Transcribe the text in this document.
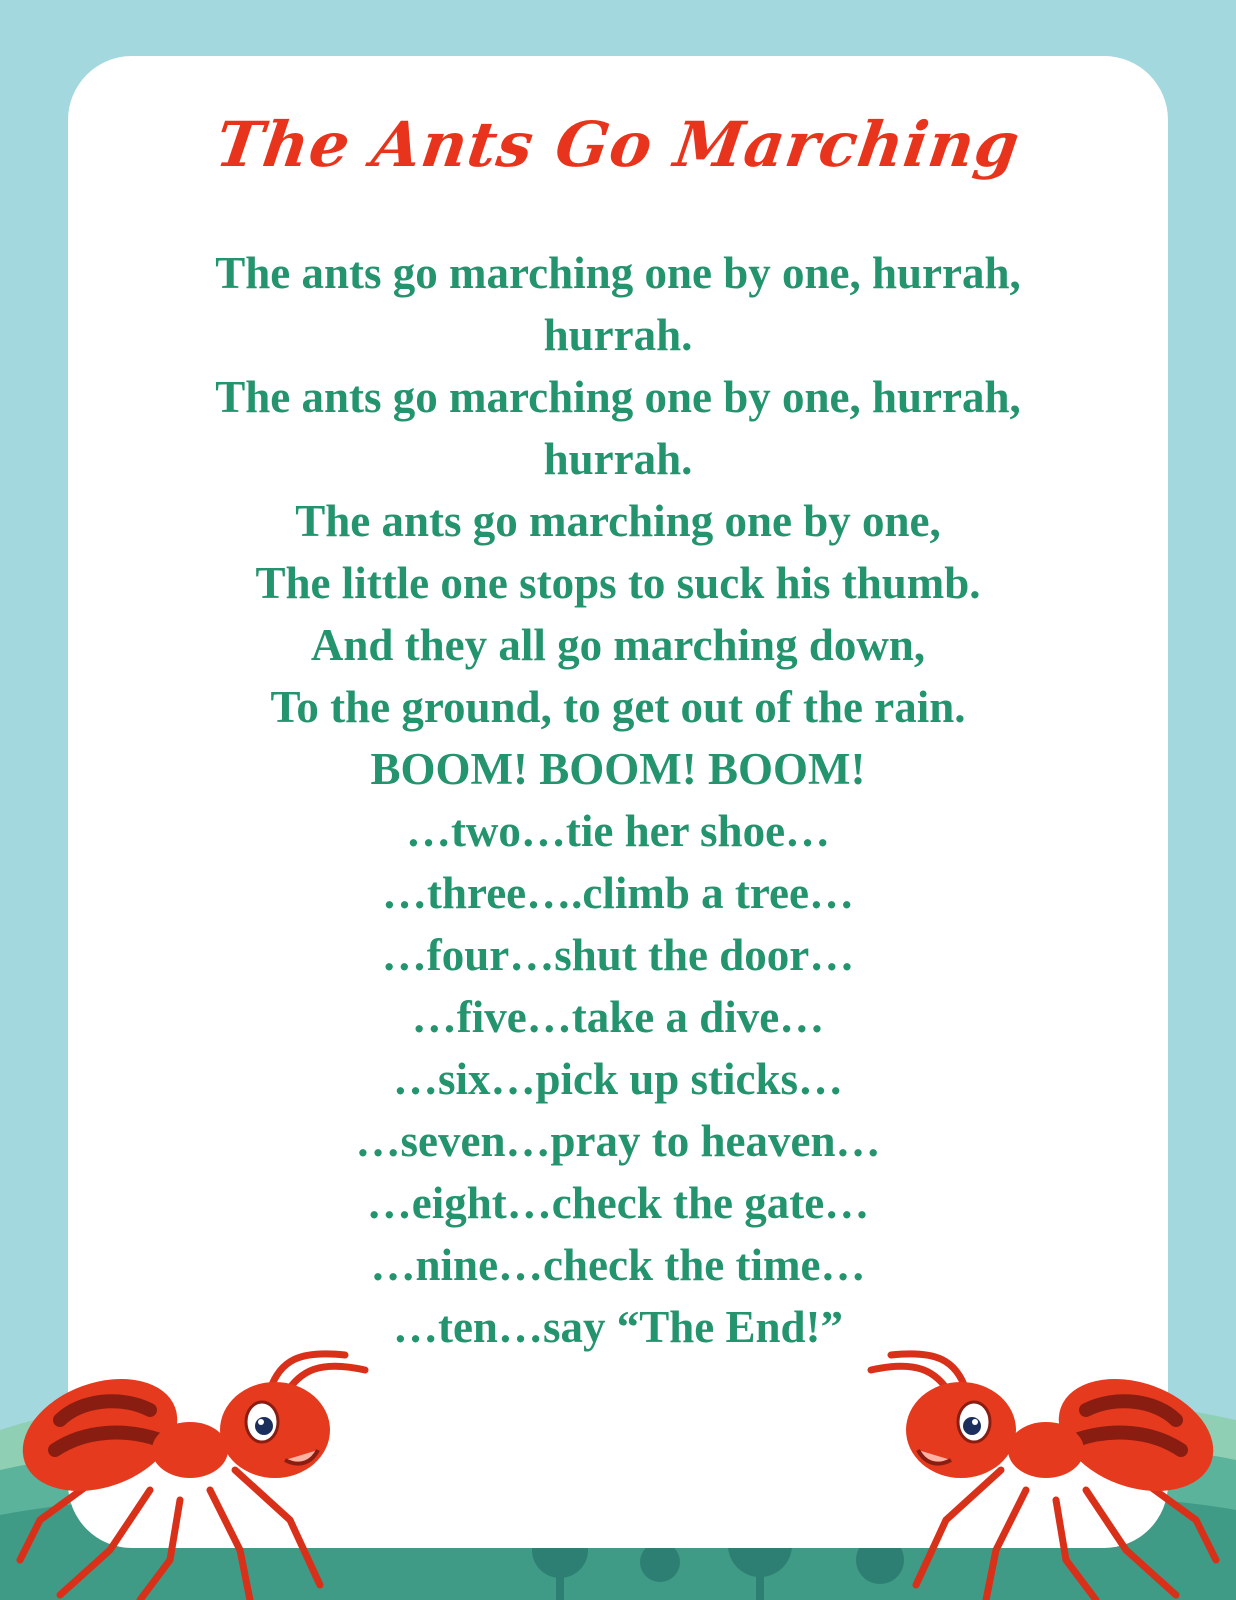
The Ants Go Marching
The ants go marching one by one, hurrah,
hurrah.
The ants go marching one by one, hurrah,
hurrah.
The ants go marching one by one,
The little one stops to suck his thumb.
And they all go marching down,
To the ground, to get out of the rain.
BOOM! BOOM! BOOM!
…two…tie her shoe…
…three….climb a tree…
…four…shut the door…
…five…take a dive…
…six…pick up sticks…
…seven…pray to heaven…
…eight…check the gate…
…nine…check the time…
…ten…say “The End!”
